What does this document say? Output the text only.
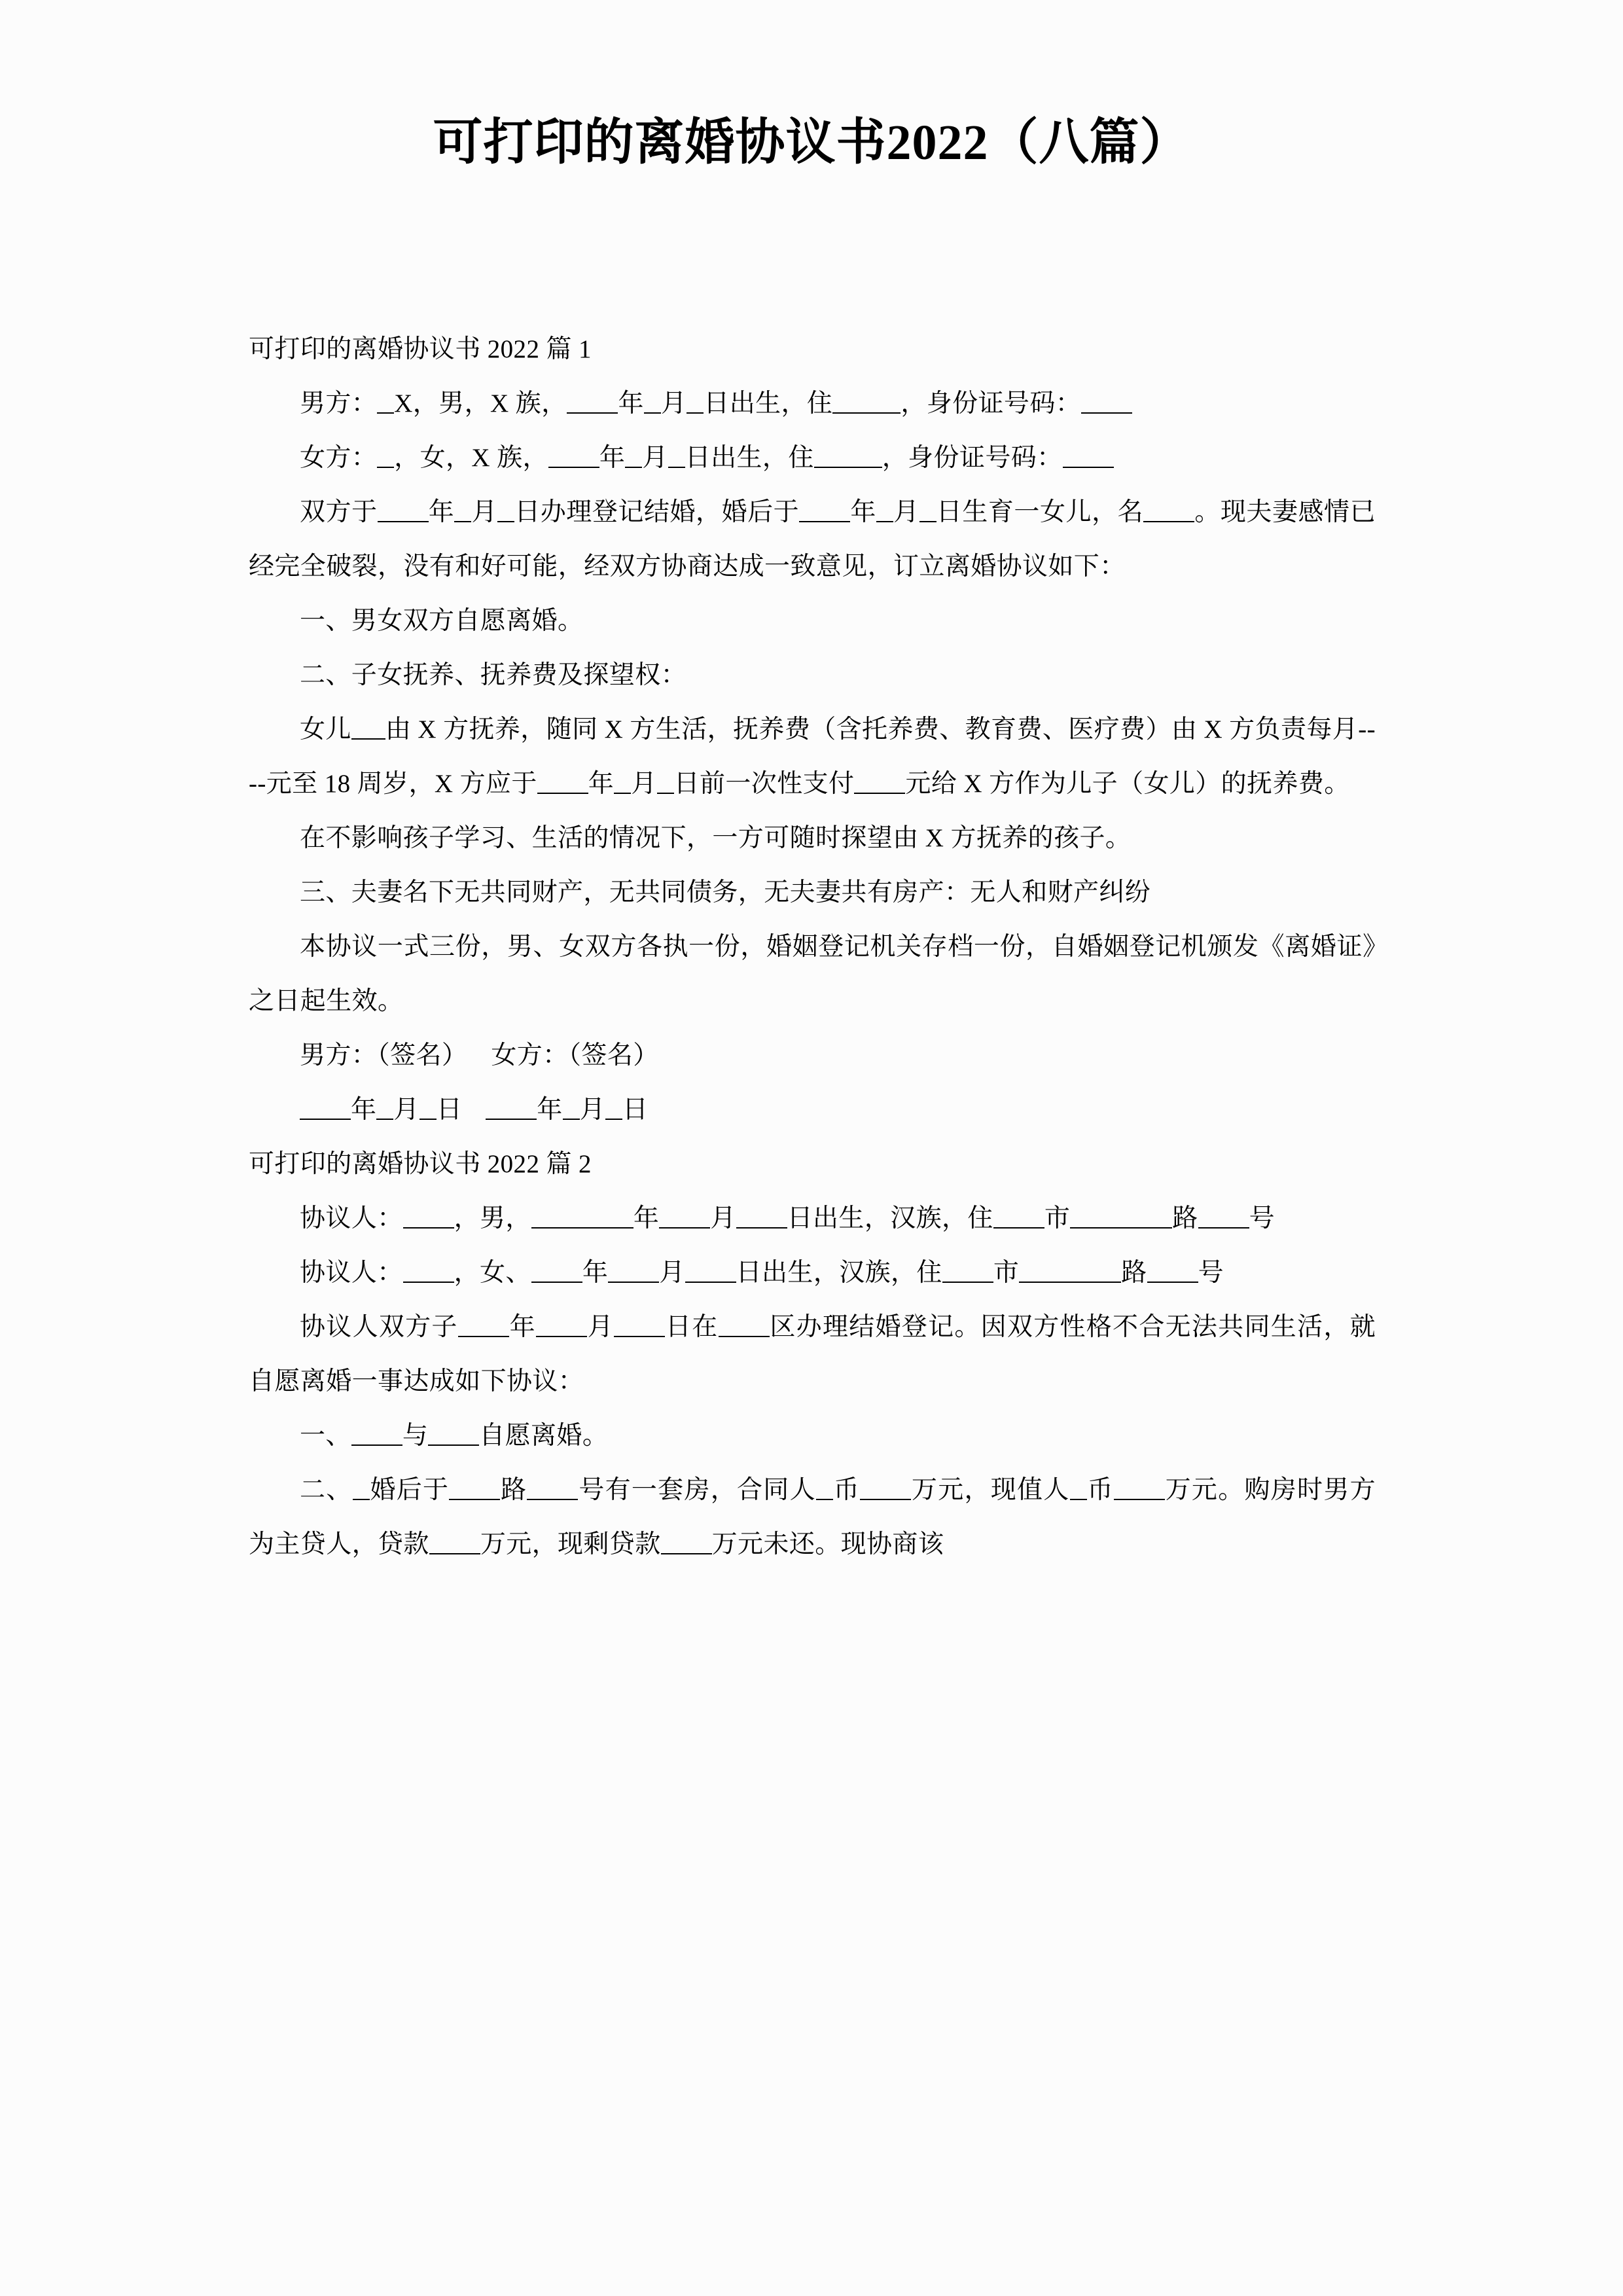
可打印的离婚协议书2022（八篇）

可打印的离婚协议书 2022 篇 1

男方： X，男，X 族， 年 月 日出生，住	，身份证号码：

女方： ，女，X 族， 年 月 日出生，住	，身份证号码：

双方于 年 月 日办理登记结婚，婚后于 年 月 日生育一女儿，名 。现夫妻感情已经完全破裂，没有和好可能，经双方协商达成一致意见，订立离婚协议如下：

一、男女双方自愿离婚。

二、子女抚养、抚养费及探望权：

女儿 由 X 方抚养，随同 X 方生活，抚养费（含托养费、教育费、医疗费）由 X 方负责每月----元至 18 周岁，X 方应于 年 月 日前一次性支付 元给 X 方作为儿子（女儿）的抚养费。

在不影响孩子学习、生活的情况下，一方可随时探望由 X 方抚养的孩子。

三、夫妻名下无共同财产，无共同债务，无夫妻共有房产：无人和财产纠纷

本协议一式三份，男、女双方各执一份，婚姻登记机关存档一份，自婚姻登记机颁发《离婚证》之日起生效。

男方：（签名） 女方：（签名）

年 月 日	年 月 日

可打印的离婚协议书 2022 篇 2

协议人： ，男，	年 月 日出生，汉族，住 市	路 号

协议人： ，女、 年 月 日出生，汉族，住 市	路 号

协议人双方子 年 月 日在 区办理结婚登记。因双方性格不合无法共同生活，就自愿离婚一事达成如下协议：

一、 与 自愿离婚。

二、 婚后于 路 号有一套房，合同人 币 万元，现值人 币 万元。购房时男方为主贷人，贷款 万元，现剩贷款 万元未还。现协商该
